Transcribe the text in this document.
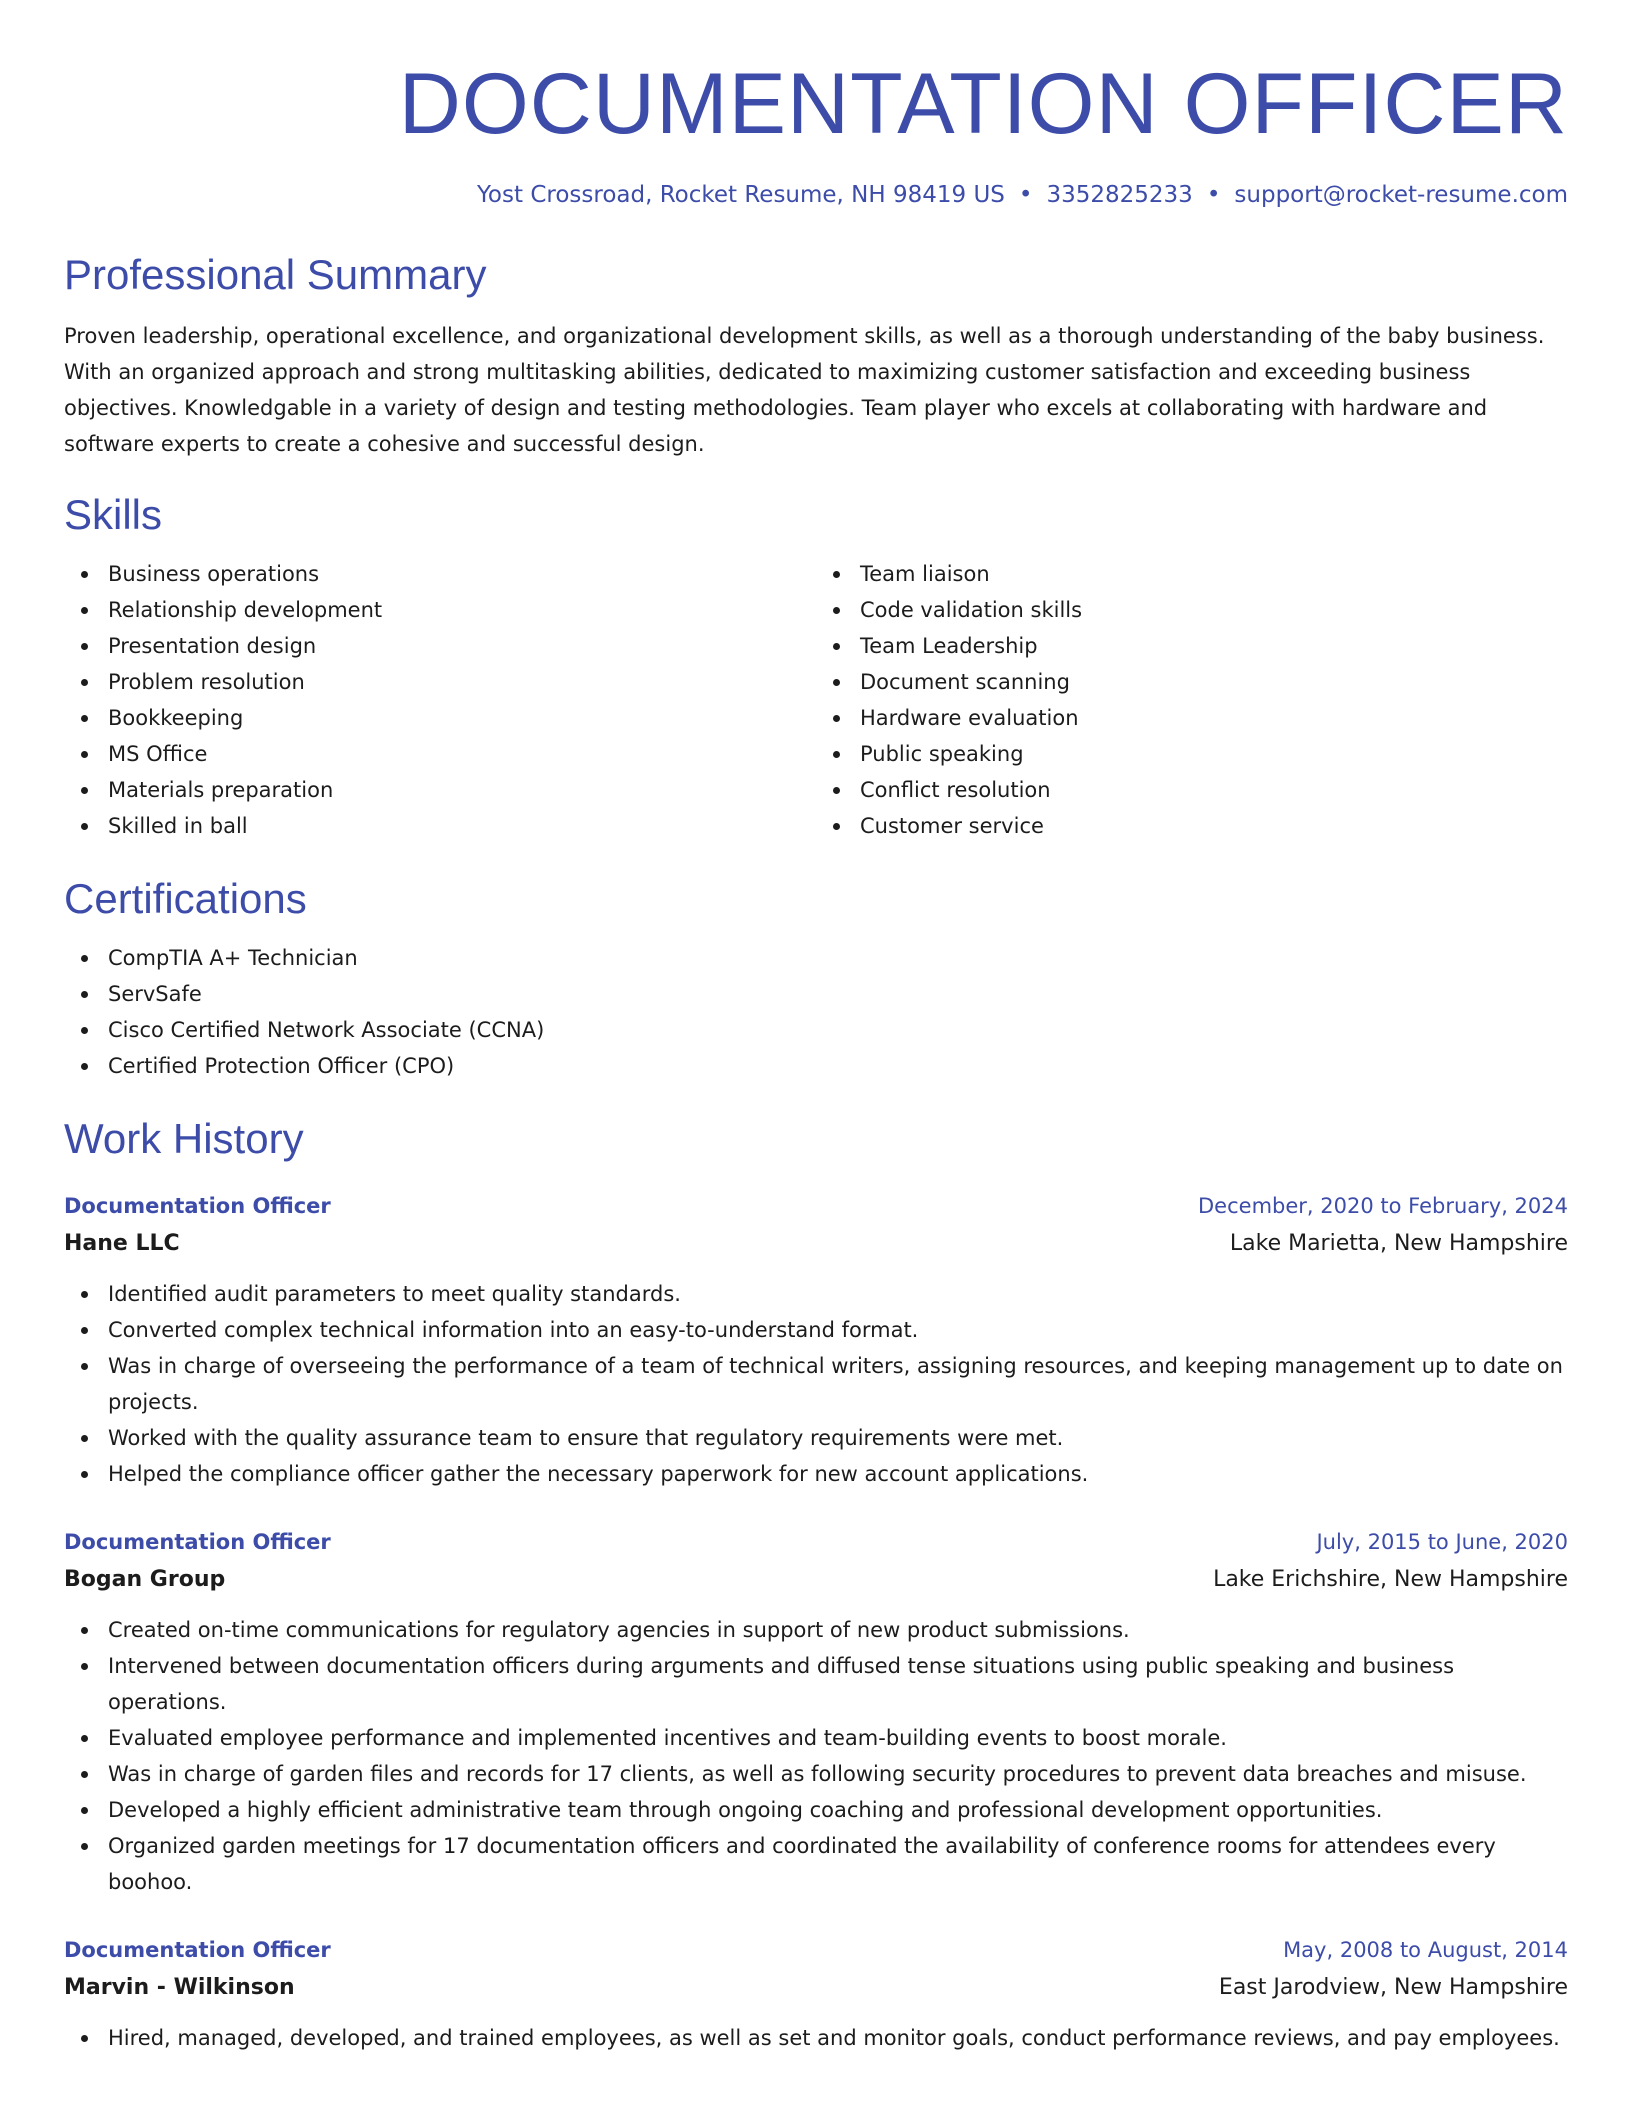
DOCUMENTATION OFFICER
Yost Crossroad, Rocket Resume, NH 98419 US • 3352825233 • support@rocket-resume.com
Professional Summary

Proven leadership, operational excellence, and organizational development skills, as well as a thorough understanding of the baby business. With an organized approach and strong multitasking abilities, dedicated to maximizing customer satisfaction and exceeding business objectives. Knowledgable in a variety of design and testing methodologies. Team player who excels at collaborating with hardware and software experts to create a cohesive and successful design.

Skills
Business operations
Relationship development
Presentation design
Problem resolution
Bookkeeping
MS Office
Materials preparation
Skilled in ball
Team liaison
Code validation skills
Team Leadership
Document scanning
Hardware evaluation
Public speaking
Conflict resolution
Customer service
Certifications
CompTIA A+ Technician
ServSafe
Cisco Certified Network Associate (CCNA)
Certified Protection Officer (CPO)
Work History
Documentation Officer	December, 2020 to February, 2024
Hane LLC	Lake Marietta, New Hampshire
Identified audit parameters to meet quality standards.
Converted complex technical information into an easy-to-understand format.
Was in charge of overseeing the performance of a team of technical writers, assigning resources, and keeping management up to date on projects.
Worked with the quality assurance team to ensure that regulatory requirements were met.
Helped the compliance officer gather the necessary paperwork for new account applications.
Documentation Officer	July, 2015 to June, 2020
Bogan Group	Lake Erichshire, New Hampshire
Created on-time communications for regulatory agencies in support of new product submissions.
Intervened between documentation officers during arguments and diffused tense situations using public speaking and business operations.
Evaluated employee performance and implemented incentives and team-building events to boost morale.
Was in charge of garden files and records for 17 clients, as well as following security procedures to prevent data breaches and misuse.
Developed a highly efficient administrative team through ongoing coaching and professional development opportunities.
Organized garden meetings for 17 documentation officers and coordinated the availability of conference rooms for attendees every boohoo.
Documentation Officer	May, 2008 to August, 2014
Marvin - Wilkinson	East Jarodview, New Hampshire
Hired, managed, developed, and trained employees, as well as set and monitor goals, conduct performance reviews, and pay employees.
